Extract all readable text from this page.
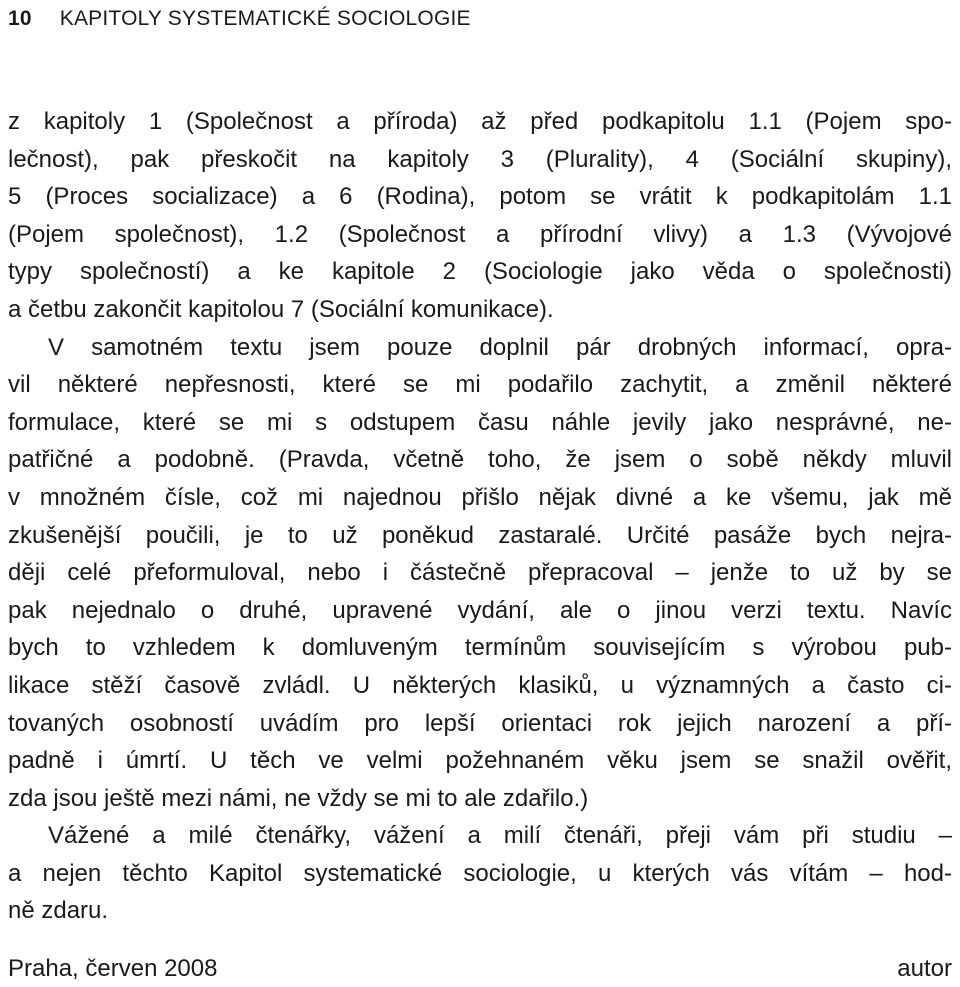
10 KAPITOLY SYSTEMATICKÉ SOCIOLOGIE
z kapitoly 1 (Společnost a příroda) až před podkapitolu 1.1 (Pojem spo-
lečnost), pak přeskočit na kapitoly 3 (Plurality), 4 (Sociální skupiny),
5 (Proces socializace) a 6 (Rodina), potom se vrátit k podkapitolám 1.1
(Pojem společnost), 1.2 (Společnost a přírodní vlivy) a 1.3 (Vývojové
typy společností) a ke kapitole 2 (Sociologie jako věda o společnosti)
a četbu zakončit kapitolou 7 (Sociální komunikace).
V samotném textu jsem pouze doplnil pár drobných informací, opra-
vil některé nepřesnosti, které se mi podařilo zachytit, a změnil některé
formulace, které se mi s odstupem času náhle jevily jako nesprávné, ne-
patřičné a podobně. (Pravda, včetně toho, že jsem o sobě někdy mluvil
v množném čísle, což mi najednou přišlo nějak divné a ke všemu, jak mě
zkušenější poučili, je to už poněkud zastaralé. Určité pasáže bych nejra-
ději celé přeformuloval, nebo i částečně přepracoval – jenže to už by se
pak nejednalo o druhé, upravené vydání, ale o jinou verzi textu. Navíc
bych to vzhledem k domluveným termínům souvisejícím s výrobou pub-
likace stěží časově zvládl. U některých klasiků, u významných a často ci-
tovaných osobností uvádím pro lepší orientaci rok jejich narození a pří-
padně i úmrtí. U těch ve velmi požehnaném věku jsem se snažil ověřit,
zda jsou ještě mezi námi, ne vždy se mi to ale zdařilo.)
Vážené a milé čtenářky, vážení a milí čtenáři, přeji vám při studiu –
a nejen těchto Kapitol systematické sociologie, u kterých vás vítám – hod-
ně zdaru.
Praha, červen 2008	autor
